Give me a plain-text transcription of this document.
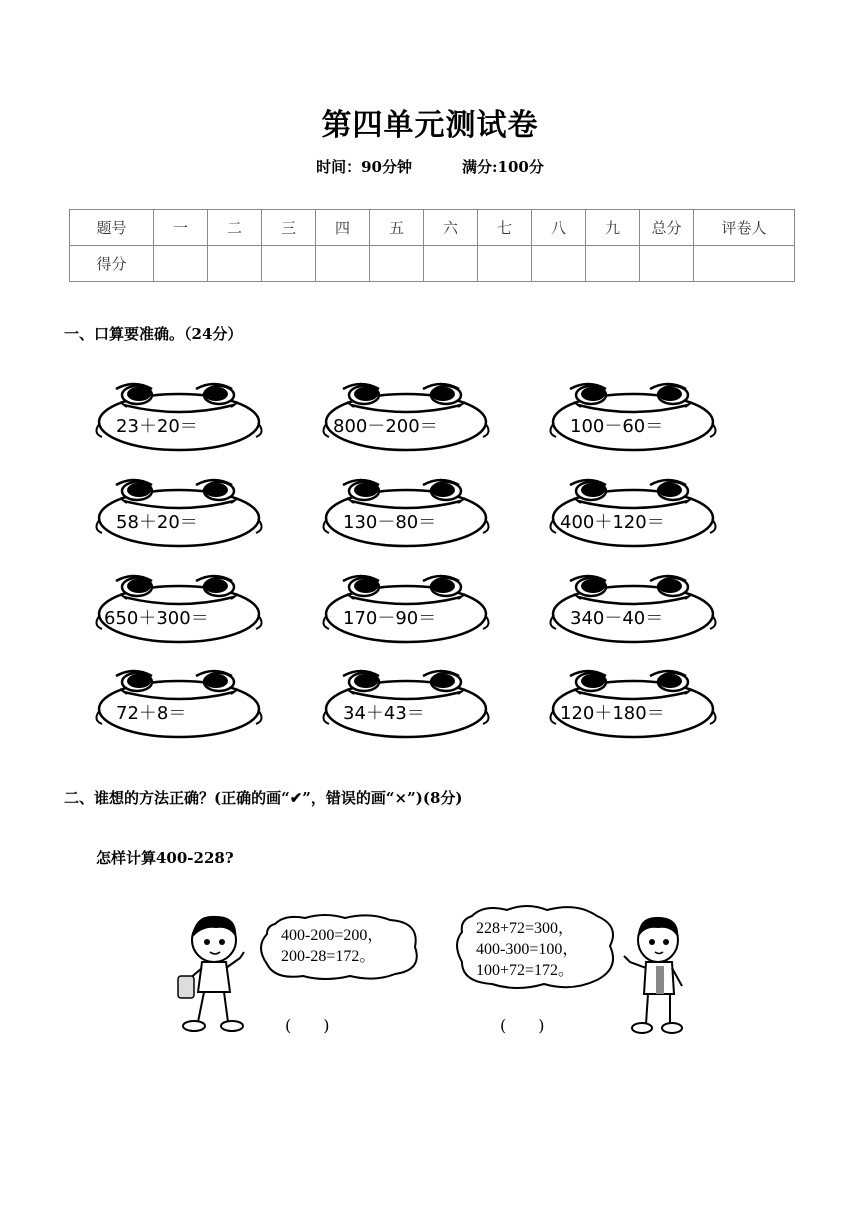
第四单元测试卷
时间：90分钟	满分:100分
题号	一	二	三	四	五	六	七	八	九	总分	评卷人
得分											
一、口算要准确。（24分）
23＋20＝	800－200＝	100－60＝
58＋20＝	130－80＝	400＋120＝
650＋300＝	170－90＝	340－40＝
72＋8＝	34＋43＝	120＋180＝
二、谁想的方法正确？(正确的画“✔”，错误的画“×”)(8分)
怎样计算400-228?
400-200=200，
200-28=172。
(　　)
228+72=300，
400-300=100，
100+72=172。
(　　)
